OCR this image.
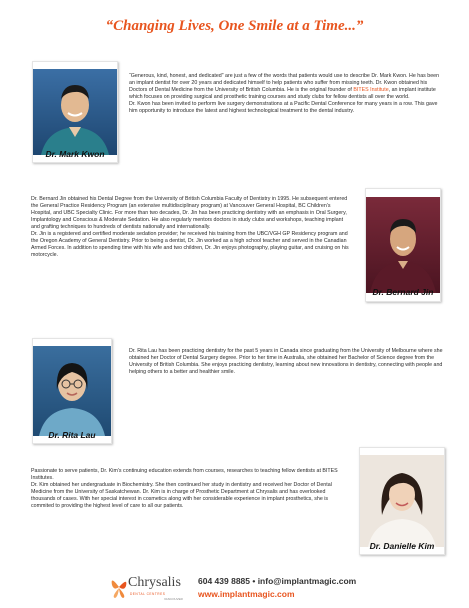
“Changing Lives, One Smile at a Time...”
Dr. Mark Kwon

“Generous, kind, honest, and dedicated” are just a few of the words that patients would use to describe Dr. Mark Kwon. He has been an implant dentist for over 20 years and dedicated himself to help patients who suffer from missing teeth. Dr. Kwon obtained his Doctors of Dental Medicine from the University of British Columbia. He is the original founder of BITES Institute, an implant institute which focuses on providing surgical and prosthetic training courses and study clubs for fellow dentists all over the world.

Dr. Kwon has been invited to perform live surgery demonstrations at a Pacific Dental Conference for many years in a row. This gave him opportunity to introduce the latest and highest technological treatment to the dental industry.

Dr. Bernard Jin obtained his Dental Degree from the University of British Columbia Faculty of Dentistry in 1995. He subsequent entered the General Practice Residency Program (an extensive multidisciplinary program) at Vancouver General Hospital, BC Children’s Hospital, and UBC Specialty Clinic. For more than two decades, Dr. Jin has been practicing dentistry with an emphasis in Oral Surgery, Implantology and Conscious & Moderate Sedation. He also regularly mentors doctors in study clubs and workshops, teaching implant and grafting techniques to hundreds of dentists nationally and internationally.

Dr. Jin is a registered and certified moderate sedation provider; he received his training from the UBC/VGH GP Residency program and the Oregon Academy of General Dentistry. Prior to being a dentist, Dr. Jin worked as a high school teacher and served in the Canadian Armed Forces. In addition to spending time with his wife and two children, Dr. Jin enjoys photography, playing guitar, and cruising on his motorcycle.

Dr. Bernard Jin
Dr. Rita Lau

Dr. Rita Lau has been practicing dentistry for the past 5 years in Canada since graduating from the University of Melbourne where she obtained her Doctor of Dental Surgery degree. Prior to her time in Australia, she obtained her Bachelor of Science degree from the University of British Columbia. She enjoys practicing dentistry, learning about new innovations in dentistry, connecting with people and helping others to a better and healthier smile.

Passionate to serve patients, Dr. Kim’s continuing education extends from courses, researches to teaching fellow dentists at BITES Institutes.

Dr. Kim obtained her undergraduate in Biochemistry. She then continued her study in dentistry and received her Doctor of Dental Medicine from the University of Saskatchewan. Dr. Kim is in charge of Prosthetic Department at Chrysalis and has overlooked thousands of cases. With her special interest in cosmetics along with her considerable experience in implant prosthetics, she is commited to providing the highest level of care to all our patients.

Dr. Danielle Kim
Chrysalis
DENTAL CENTRES
VANCOUVER
604 439 8885 • info@implantmagic.com
www.implantmagic.com
